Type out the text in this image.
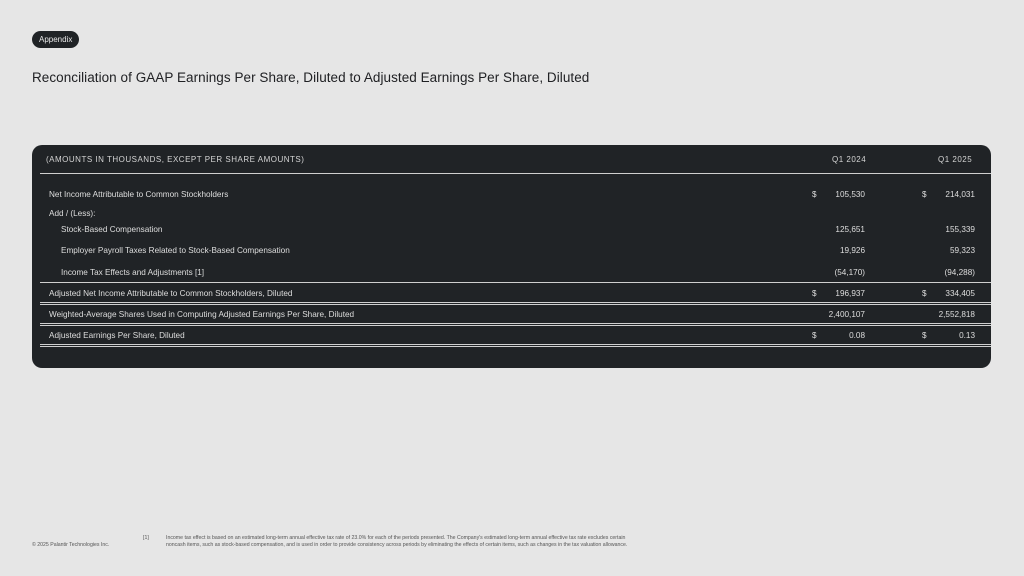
Appendix
Reconciliation of GAAP Earnings Per Share, Diluted to Adjusted Earnings Per Share, Diluted
(AMOUNTS IN THOUSANDS, EXCEPT PER SHARE AMOUNTS)	Q1 2024	Q1 2025
Net Income Attributable to Common Stockholders	$	105,530	$	214,031
Add / (Less):
Stock-Based Compensation	125,651	155,339
Employer Payroll Taxes Related to Stock-Based Compensation	19,926	59,323
Income Tax Effects and Adjustments [1]	(54,170)	(94,288)
Adjusted Net Income Attributable to Common Stockholders, Diluted	$	196,937	$	334,405
Weighted-Average Shares Used in Computing Adjusted Earnings Per Share, Diluted	2,400,107	2,552,818
Adjusted Earnings Per Share, Diluted	$	0.08	$	0.13
© 2025 Palantir Technologies Inc.
[1]	Income tax effect is based on an estimated long-term annual effective tax rate of 23.0% for each of the periods presented. The Company's estimated long-term annual effective tax rate excludes certain
noncash items, such as stock-based compensation, and is used in order to provide consistency across periods by eliminating the effects of certain items, such as changes in the tax valuation allowance.
